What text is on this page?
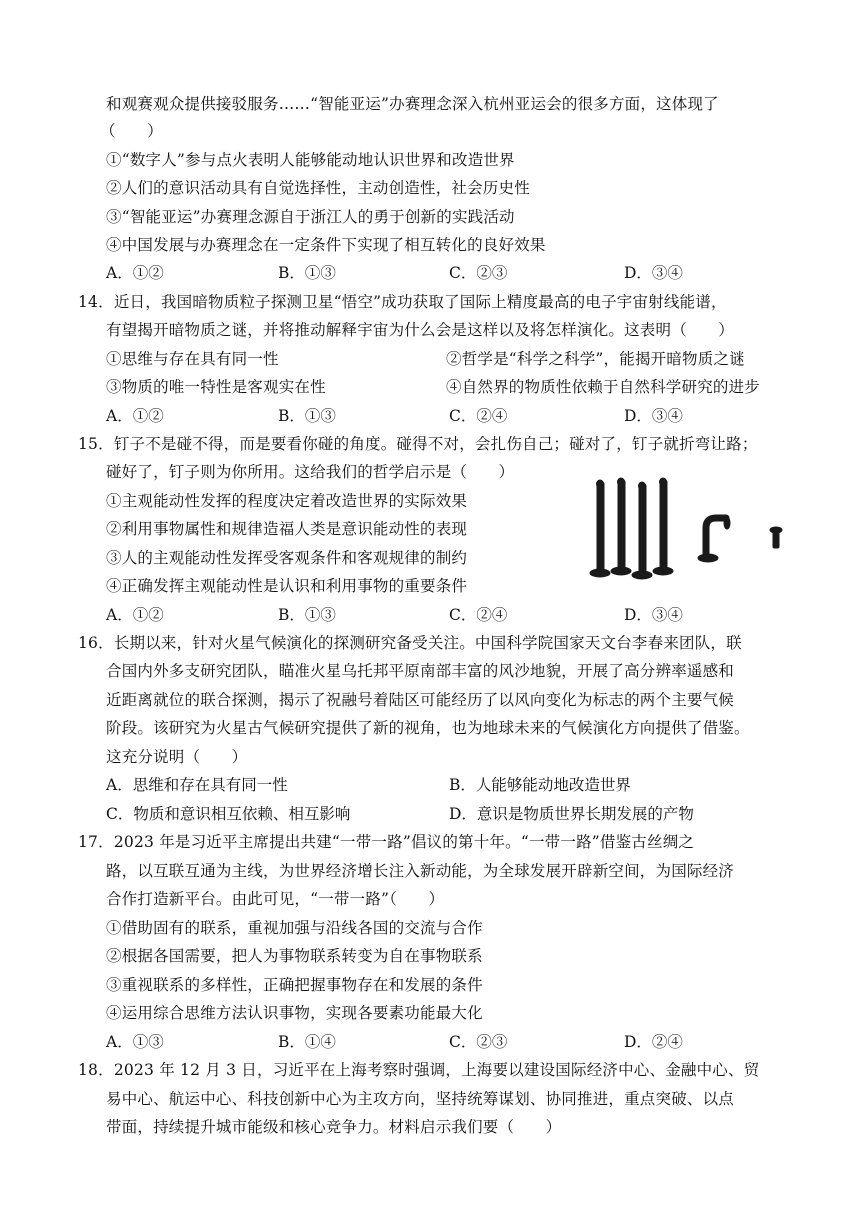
和观赛观众提供接驳服务……“智能亚运”办赛理念深入杭州亚运会的很多方面，这体现了
（　　）
①“数字人”参与点火表明人能够能动地认识世界和改造世界
②人们的意识活动具有自觉选择性，主动创造性，社会历史性
③“智能亚运”办赛理念源自于浙江人的勇于创新的实践活动
④中国发展与办赛理念在一定条件下实现了相互转化的良好效果
A．①②	B．①③	C．②③	D．③④
14．近日，我国暗物质粒子探测卫星“悟空”成功获取了国际上精度最高的电子宇宙射线能谱，
有望揭开暗物质之谜，并将推动解释宇宙为什么会是这样以及将怎样演化。这表明（　　）
①思维与存在具有同一性	②哲学是“科学之科学”，能揭开暗物质之谜
③物质的唯一特性是客观实在性	④自然界的物质性依赖于自然科学研究的进步
A．①②	B．①③	C．②④	D．③④
15．钉子不是碰不得，而是要看你碰的角度。碰得不对，会扎伤自己；碰对了，钉子就折弯让路；
碰好了，钉子则为你所用。这给我们的哲学启示是（　　）
①主观能动性发挥的程度决定着改造世界的实际效果
②利用事物属性和规律造福人类是意识能动性的表现
③人的主观能动性发挥受客观条件和客观规律的制约
④正确发挥主观能动性是认识和利用事物的重要条件
A．①②	B．①③	C．②④	D．③④
16．长期以来，针对火星气候演化的探测研究备受关注。中国科学院国家天文台李春来团队，联
合国内外多支研究团队，瞄准火星乌托邦平原南部丰富的风沙地貌，开展了高分辨率遥感和
近距离就位的联合探测，揭示了祝融号着陆区可能经历了以风向变化为标志的两个主要气候
阶段。该研究为火星古气候研究提供了新的视角，也为地球未来的气候演化方向提供了借鉴。
这充分说明（　　）
A．思维和存在具有同一性	B．人能够能动地改造世界
C．物质和意识相互依赖、相互影响	D．意识是物质世界长期发展的产物
17．2023 年是习近平主席提出共建“一带一路”倡议的第十年。“一带一路”借鉴古丝绸之
路，以互联互通为主线，为世界经济增长注入新动能，为全球发展开辟新空间，为国际经济
合作打造新平台。由此可见，“一带一路”（　　）
①借助固有的联系，重视加强与沿线各国的交流与合作
②根据各国需要，把人为事物联系转变为自在事物联系
③重视联系的多样性，正确把握事物存在和发展的条件
④运用综合思维方法认识事物，实现各要素功能最大化
A．①③	B．①④	C．②③	D．②④
18．2023 年 12 月 3 日，习近平在上海考察时强调，上海要以建设国际经济中心、金融中心、贸
易中心、航运中心、科技创新中心为主攻方向，坚持统筹谋划、协同推进，重点突破、以点
带面，持续提升城市能级和核心竞争力。材料启示我们要（　　）
